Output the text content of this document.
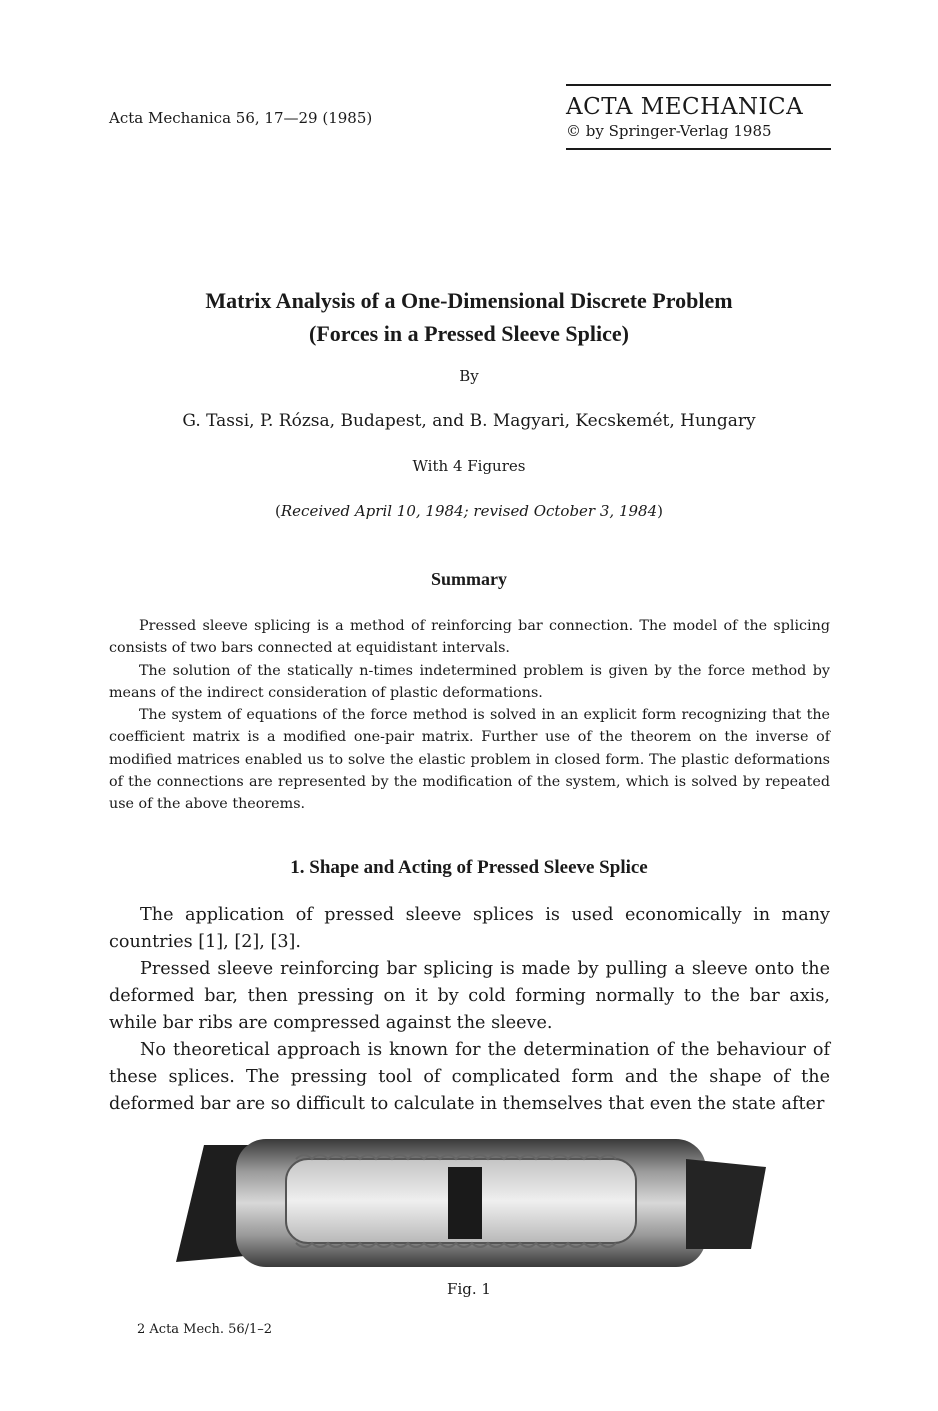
Acta Mechanica 56, 17—29 (1985)	ACTA MECHANICA
© by Springer-Verlag 1985
Matrix Analysis of a One-Dimensional Discrete Problem
(Forces in a Pressed Sleeve Splice)
By
G. Tassi, P. Rózsa, Budapest, and B. Magyari, Kecskemét, Hungary
With 4 Figures
(Received April 10, 1984; revised October 3, 1984)
Summary

Pressed sleeve splicing is a method of reinforcing bar connection. The model of the splicing consists of two bars connected at equidistant intervals.

The solution of the statically n-times indetermined problem is given by the force method by means of the indirect consideration of plastic deformations.

The system of equations of the force method is solved in an explicit form recognizing that the coefficient matrix is a modified one-pair matrix. Further use of the theorem on the inverse of modified matrices enabled us to solve the elastic problem in closed form. The plastic deformations of the connections are represented by the modification of the system, which is solved by repeated use of the above theorems.

1. Shape and Acting of Pressed Sleeve Splice

The application of pressed sleeve splices is used economically in many countries [1], [2], [3].

Pressed sleeve reinforcing bar splicing is made by pulling a sleeve onto the deformed bar, then pressing on it by cold forming normally to the bar axis, while bar ribs are compressed against the sleeve.

No theoretical approach is known for the determination of the behaviour of these splices. The pressing tool of complicated form and the shape of the deformed bar are so difficult to calculate in themselves that even the state after

Fig. 1
2 Acta Mech. 56/1–2
